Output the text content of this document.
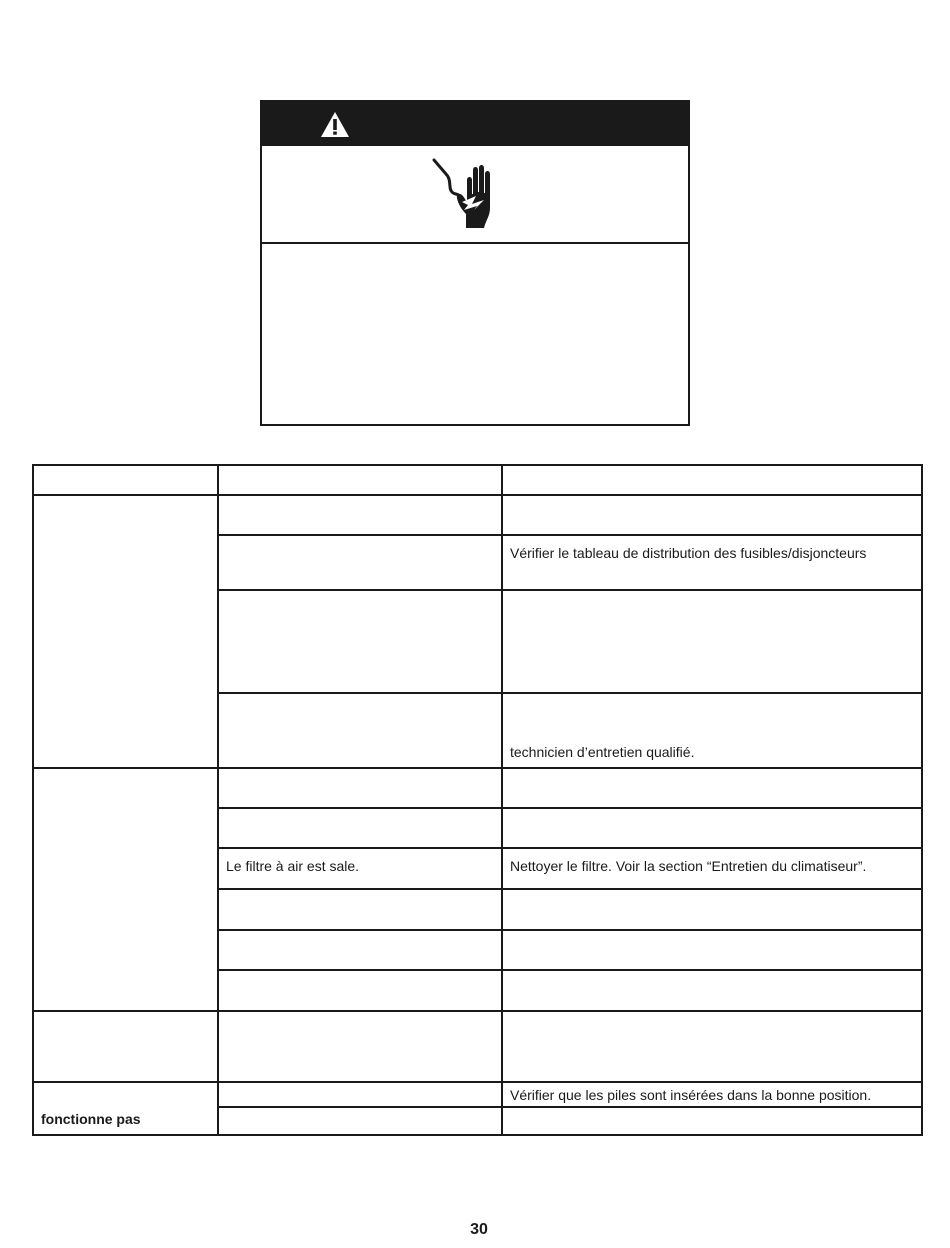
		Vérifier le tableau de distribution des fusibles/disjoncteurs

		technicien d’entretien qualifié.

	Le filtre à air est sale.	Nettoyer le filtre. Voir la section “Entretien du climatiseur”.

fonctionne pas		Vérifier que les piles sont insérées dans la bonne position.

30
